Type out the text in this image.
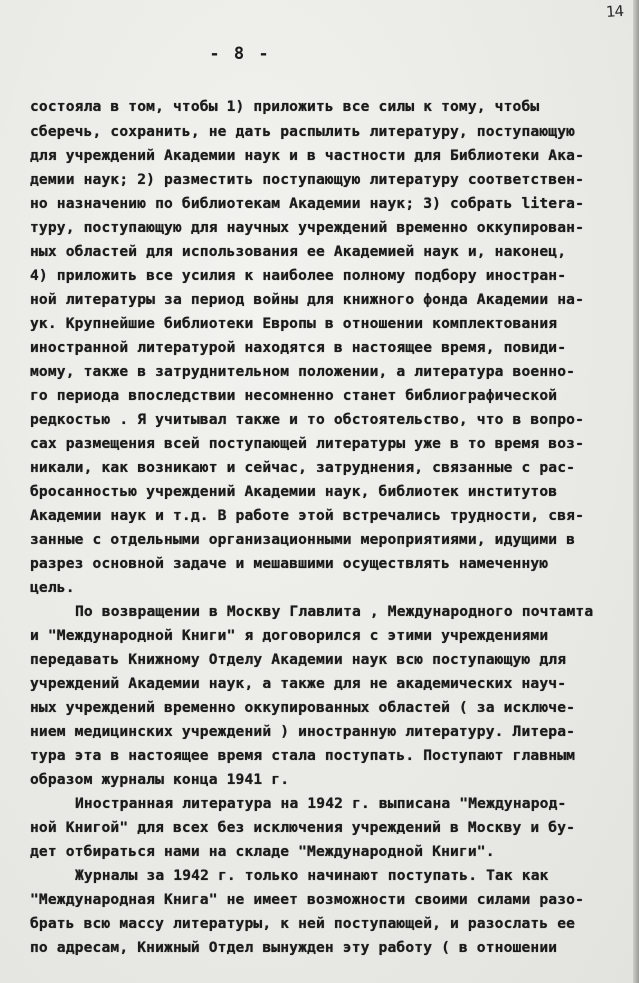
14
- 8 -
состояла в том, чтобы 1) приложить все силы к тому, чтобы
сберечь, сохранить, не дать распылить литературу, поступающую
для учреждений Академии наук и в частности для Библиотеки Ака-
демии наук; 2) разместить поступающую литературу соответствен-
но назначению по библиотекам Академии наук; 3) собрать litera-
туру, поступающую для научных учреждений временно оккупирован-
ных областей для использования ее Академией наук и, наконец,
4) приложить все усилия к наиболее полному подбору иностран-
ной литературы за период войны для книжного фонда Академии на-
ук. Крупнейшие библиотеки Европы в отношении комплектования
иностранной литературой находятся в настоящее время, повиди-
мому, также в затруднительном положении, а литература военно-
го периода впоследствии несомненно станет библиографической
редкостью . Я учитывал также и то обстоятельство, что в вопро-
сах размещения всей поступающей литературы уже в то время воз-
никали, как возникают и сейчас, затруднения, связанные с рас-
бросанностью учреждений Академии наук, библиотек институтов
Академии наук и т.д. В работе этой встречались трудности, свя-
занные с отдельными организационными мероприятиями, идущими в
разрез основной задаче и мешавшими осуществлять намеченную
цель.
По возвращении в Москву Главлита , Международного почтамта
и "Международной Книги" я договорился с этими учреждениями
передавать Книжному Отделу Академии наук всю поступающую для
учреждений Академии наук, а также для не академических науч-
ных учреждений временно оккупированных областей ( за исключе-
нием медицинских учреждений ) иностранную литературу. Литера-
тура эта в настоящее время стала поступать. Поступают главным
образом журналы конца 1941 г.
Иностранная литература на 1942 г. выписана "Международ-
ной Книгой" для всех без исключения учреждений в Москву и бу-
дет отбираться нами на складе "Международной Книги".
Журналы за 1942 г. только начинают поступать. Так как
"Международная Книга" не имеет возможности своими силами разо-
брать всю массу литературы, к ней поступающей, и разослать ее
по адресам, Книжный Отдел вынужден эту работу ( в отношении
